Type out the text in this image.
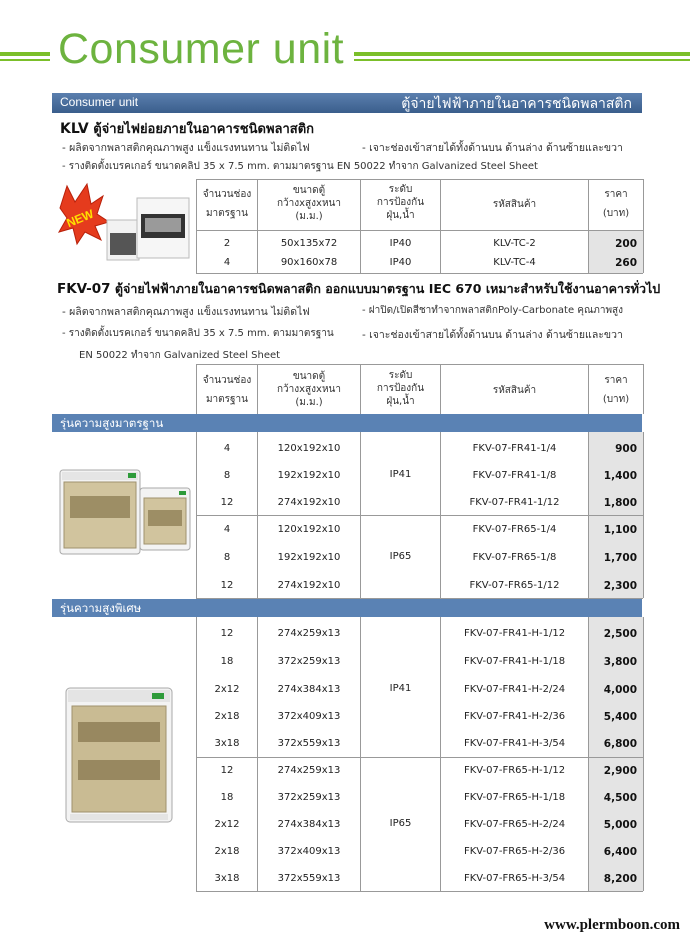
Consumer unit
Consumer unit	ตู้จ่ายไฟฟ้าภายในอาคารชนิดพลาสติก
KLV ตู้จ่ายไฟย่อยภายในอาคารชนิดพลาสติก
- ผลิตจากพลาสติกคุณภาพสูง แข็งแรงทนทาน ไม่ติดไฟ	- เจาะช่องเข้าสายได้ทั้งด้านบน ด้านล่าง ด้านซ้ายและขวา
- รางติดตั้งเบรคเกอร์ ขนาดคลิป 35 x 7.5 mm. ตามมาตรฐาน EN 50022 ทำจาก Galvanized Steel Sheet
NEW
จำนวนช่อง
มาตรฐาน
ขนาดตู้
กว้างxสูงxหนา
(ม.ม.)
ระดับ
การป้องกัน
ฝุ่น,น้ำ
รหัสสินค้า
ราคา
(บาท)
2	50x135x72	IP40	KLV-TC-2	200
4	90x160x78	IP40	KLV-TC-4	260
FKV-07 ตู้จ่ายไฟฟ้าภายในอาคารชนิดพลาสติก ออกแบบมาตรฐาน IEC 670 เหมาะสำหรับใช้งานอาคารทั่วไป
- ผลิตจากพลาสติกคุณภาพสูง แข็งแรงทนทาน ไม่ติดไฟ
- รางติดตั้งเบรคเกอร์ ขนาดคลิป 35 x 7.5 mm. ตามมาตรฐาน
EN 50022 ทำจาก Galvanized Steel Sheet
- ฝาปิด/เปิดสีชาทำจากพลาสติกPoly-Carbonate คุณภาพสูง
- เจาะช่องเข้าสายได้ทั้งด้านบน ด้านล่าง ด้านซ้ายและขวา
จำนวนช่อง
มาตรฐาน
ขนาดตู้
กว้างxสูงxหนา
(ม.ม.)
ระดับ
การป้องกัน
ฝุ่น,น้ำ
รหัสสินค้า
ราคา
(บาท)
รุ่นความสูงมาตรฐาน
รุ่นความสูงพิเศษ
IP41
4	120x192x10	FKV-07-FR41-1/4	900
8	192x192x10	FKV-07-FR41-1/8	1,400
12	274x192x10	FKV-07-FR41-1/12	1,800
IP65
4	120x192x10	FKV-07-FR65-1/4	1,100
8	192x192x10	FKV-07-FR65-1/8	1,700
12	274x192x10	FKV-07-FR65-1/12	2,300
IP41
12	274x259x13	FKV-07-FR41-H-1/12	2,500
18	372x259x13	FKV-07-FR41-H-1/18	3,800
2x12	274x384x13	FKV-07-FR41-H-2/24	4,000
2x18	372x409x13	FKV-07-FR41-H-2/36	5,400
3x18	372x559x13	FKV-07-FR41-H-3/54	6,800
IP65
12	274x259x13	FKV-07-FR65-H-1/12	2,900
18	372x259x13	FKV-07-FR65-H-1/18	4,500
2x12	274x384x13	FKV-07-FR65-H-2/24	5,000
2x18	372x409x13	FKV-07-FR65-H-2/36	6,400
3x18	372x559x13	FKV-07-FR65-H-3/54	8,200
www.plermboon.com
